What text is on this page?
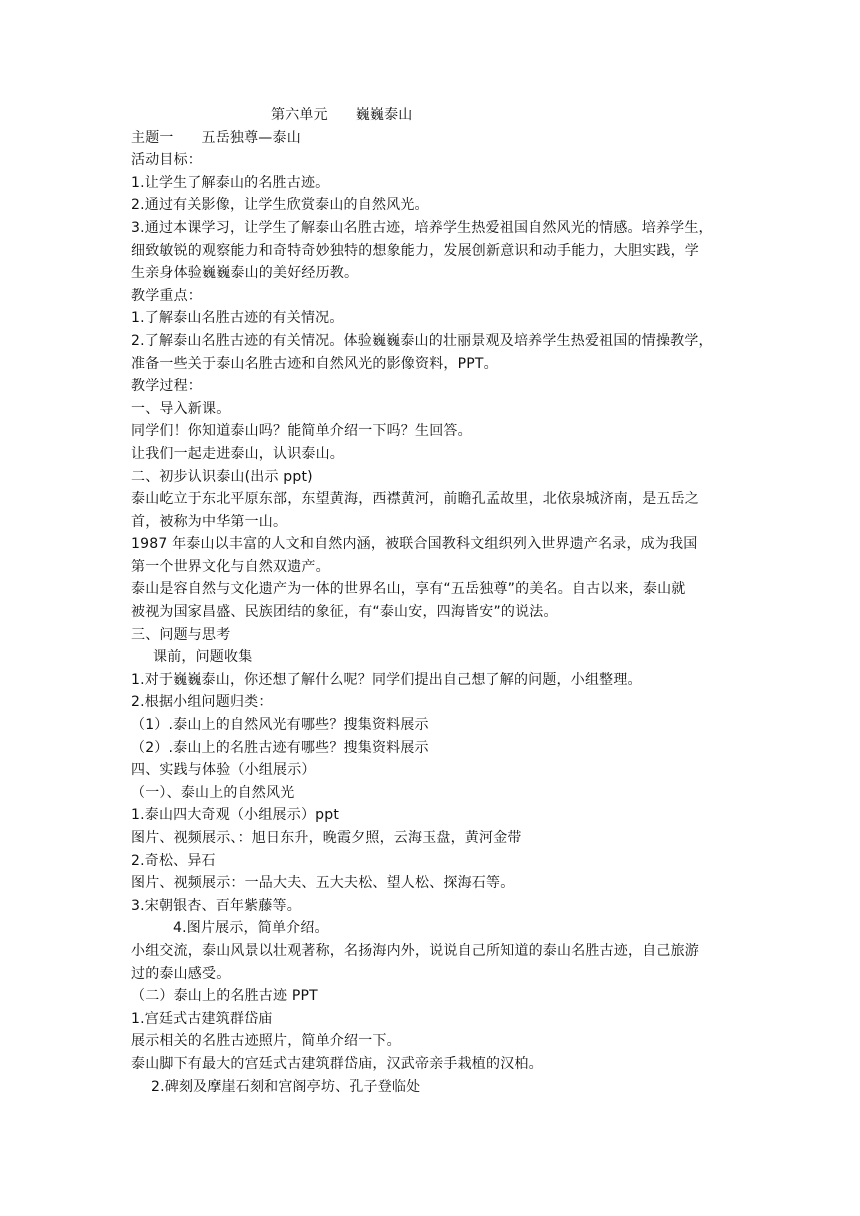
第六单元      巍巍泰山
主题一      五岳独尊—泰山
活动目标：
1.让学生了解泰山的名胜古迹。
2.通过有关影像，让学生欣赏泰山的自然风光。
3.通过本课学习，让学生了解泰山名胜古迹，培养学生热爱祖国自然风光的情感。培养学生，
细致敏锐的观察能力和奇特奇妙独特的想象能力，发展创新意识和动手能力，大胆实践，学
生亲身体验巍巍泰山的美好经历教。
教学重点：
1.了解泰山名胜古迹的有关情况。
2.了解泰山名胜古迹的有关情况。体验巍巍泰山的壮丽景观及培养学生热爱祖国的情操教学，
准备一些关于泰山名胜古迹和自然风光的影像资料，PPT。
教学过程：
一、导入新课。
同学们！你知道泰山吗？能简单介绍一下吗？生回答。
让我们一起走进泰山，认识泰山。
二、初步认识泰山(出示 ppt)
泰山屹立于东北平原东部，东望黄海，西襟黄河，前瞻孔孟故里，北依泉城济南，是五岳之
首，被称为中华第一山。
1987 年泰山以丰富的人文和自然内涵，被联合国教科文组织列入世界遗产名录，成为我国
第一个世界文化与自然双遗产。
泰山是容自然与文化遗产为一体的世界名山，享有“五岳独尊”的美名。自古以来，泰山就
被视为国家昌盛、民族团结的象征，有“泰山安，四海皆安”的说法。
三、问题与思考
课前，问题收集
1.对于巍巍泰山，你还想了解什么呢？同学们提出自己想了解的问题，小组整理。
2.根据小组问题归类：
（1）.泰山上的自然风光有哪些？搜集资料展示
（2）.泰山上的名胜古迹有哪些？搜集资料展示
四、实践与体验（小组展示）
（一）、泰山上的自然风光
1.泰山四大奇观（小组展示）ppt
图片、视频展示、：旭日东升，晚霞夕照，云海玉盘，黄河金带
2.奇松、异石
图片、视频展示：一品大夫、五大夫松、望人松、探海石等。
3.宋朝银杏、百年紫藤等。
4.图片展示，简单介绍。
小组交流，泰山风景以壮观著称，名扬海内外，说说自己所知道的泰山名胜古迹，自己旅游
过的泰山感受。
（二）泰山上的名胜古迹 PPT
1.宫廷式古建筑群岱庙
展示相关的名胜古迹照片，简单介绍一下。
泰山脚下有最大的宫廷式古建筑群岱庙，汉武帝亲手栽植的汉柏。
2.碑刻及摩崖石刻和宫阁亭坊、孔子登临处
